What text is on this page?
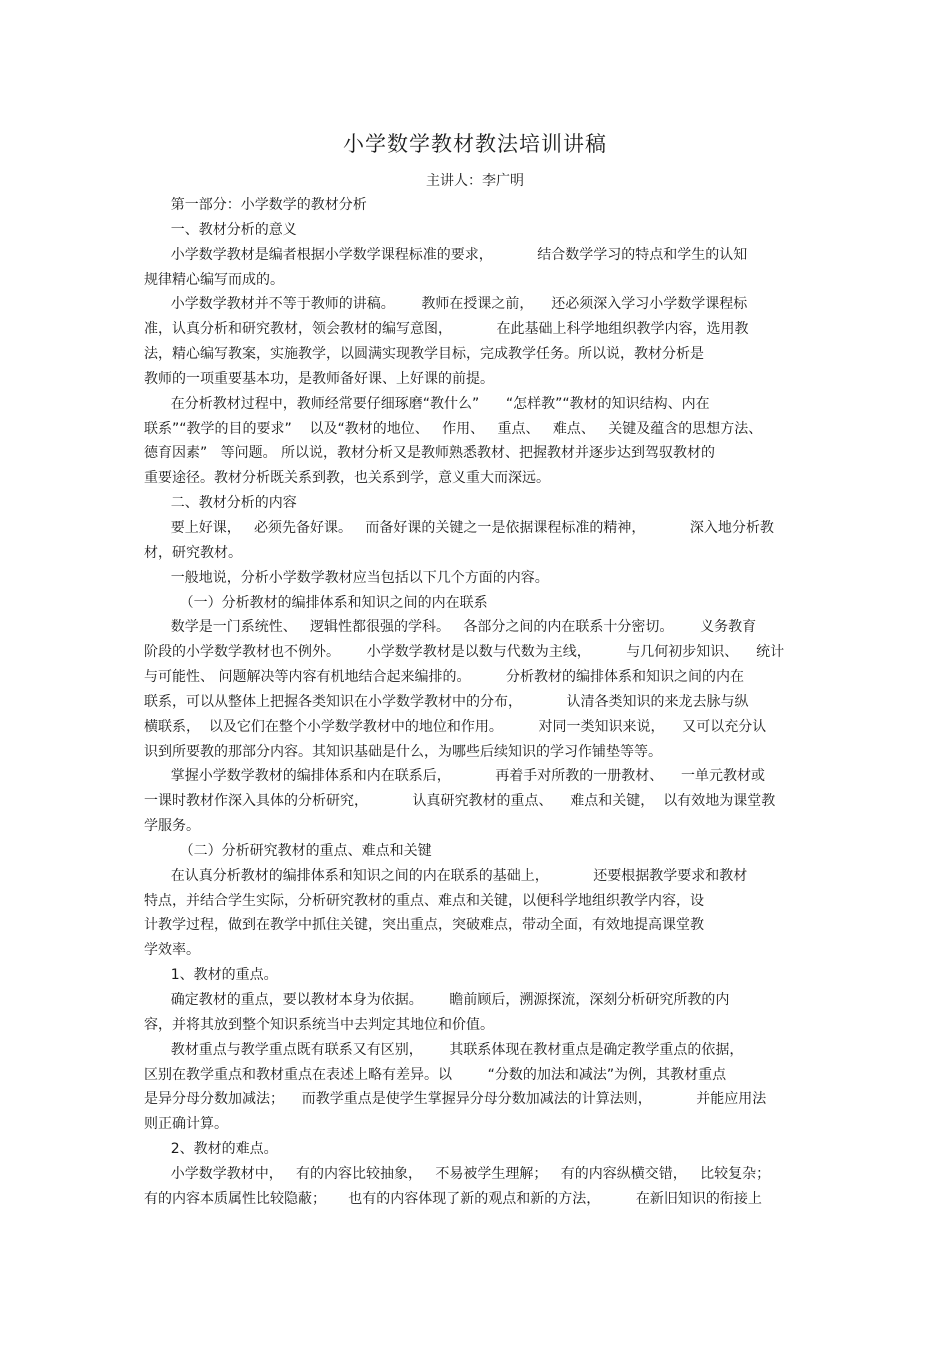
小学数学教材教法培训讲稿

主讲人：李广明

第一部分：小学数学的教材分析
一、教材分析的意义
小学数学教材是编者根据小学数学课程标准的要求，          结合数学学习的特点和学生的认知
规律精心编写而成的。
小学数学教材并不等于教师的讲稿。      教师在授课之前，    还必须深入学习小学数学课程标
准，认真分析和研究教材，领会教材的编写意图，          在此基础上科学地组织教学内容，选用教
法，精心编写教案，实施教学，以圆满实现教学目标，完成教学任务。所以说，教材分析是
教师的一项重要基本功，是教师备好课、上好课的前提。
在分析教材过程中，教师经常要仔细琢磨“教什么”      “怎样教”“教材的知识结构、内在
联系”“教学的目的要求”    以及“教材的地位、   作用、   重点、   难点、   关键及蕴含的思想方法、
德育因素”   等问题。 所以说，教材分析又是教师熟悉教材、把握教材并逐步达到驾驭教材的
重要途径。教材分析既关系到教，也关系到学，意义重大而深远。
二、教材分析的内容
要上好课，   必须先备好课。   而备好课的关键之一是依据课程标准的精神，          深入地分析教
材，研究教材。
一般地说，分析小学数学教材应当包括以下几个方面的内容。
（一）分析教材的编排体系和知识之间的内在联系
数学是一门系统性、   逻辑性都很强的学科。   各部分之间的内在联系十分密切。      义务教育
阶段的小学数学教材也不例外。      小学数学教材是以数与代数为主线，        与几何初步知识、    统计
与可能性、 问题解决等内容有机地结合起来编排的。        分析教材的编排体系和知识之间的内在
联系，可以从整体上把握各类知识在小学数学教材中的分布，          认清各类知识的来龙去脉与纵
横联系，  以及它们在整个小学数学教材中的地位和作用。        对同一类知识来说，    又可以充分认
识到所要教的那部分内容。其知识基础是什么，为哪些后续知识的学习作铺垫等等。
掌握小学数学教材的编排体系和内在联系后，          再着手对所教的一册教材、    一单元教材或
一课时教材作深入具体的分析研究，          认真研究教材的重点、    难点和关键，  以有效地为课堂教
学服务。
（二）分析研究教材的重点、难点和关键
在认真分析教材的编排体系和知识之间的内在联系的基础上，          还要根据教学要求和教材
特点，并结合学生实际，分析研究教材的重点、难点和关键，以便科学地组织教学内容，设
计教学过程，做到在教学中抓住关键，突出重点，突破难点，带动全面，有效地提高课堂教
学效率。
1、教材的重点。
确定教材的重点，要以教材本身为依据。      瞻前顾后，溯源探流，深刻分析研究所教的内
容，并将其放到整个知识系统当中去判定其地位和价值。
教材重点与教学重点既有联系又有区别，      其联系体现在教材重点是确定教学重点的依据，
区别在教学重点和教材重点在表述上略有差异。以        “分数的加法和减法”为例，其教材重点
是异分母分数加减法；    而教学重点是使学生掌握异分母分数加减法的计算法则，          并能应用法
则正确计算。
2、教材的难点。
小学数学教材中，   有的内容比较抽象，   不易被学生理解；   有的内容纵横交错，   比较复杂；
有的内容本质属性比较隐蔽；     也有的内容体现了新的观点和新的方法，        在新旧知识的衔接上
